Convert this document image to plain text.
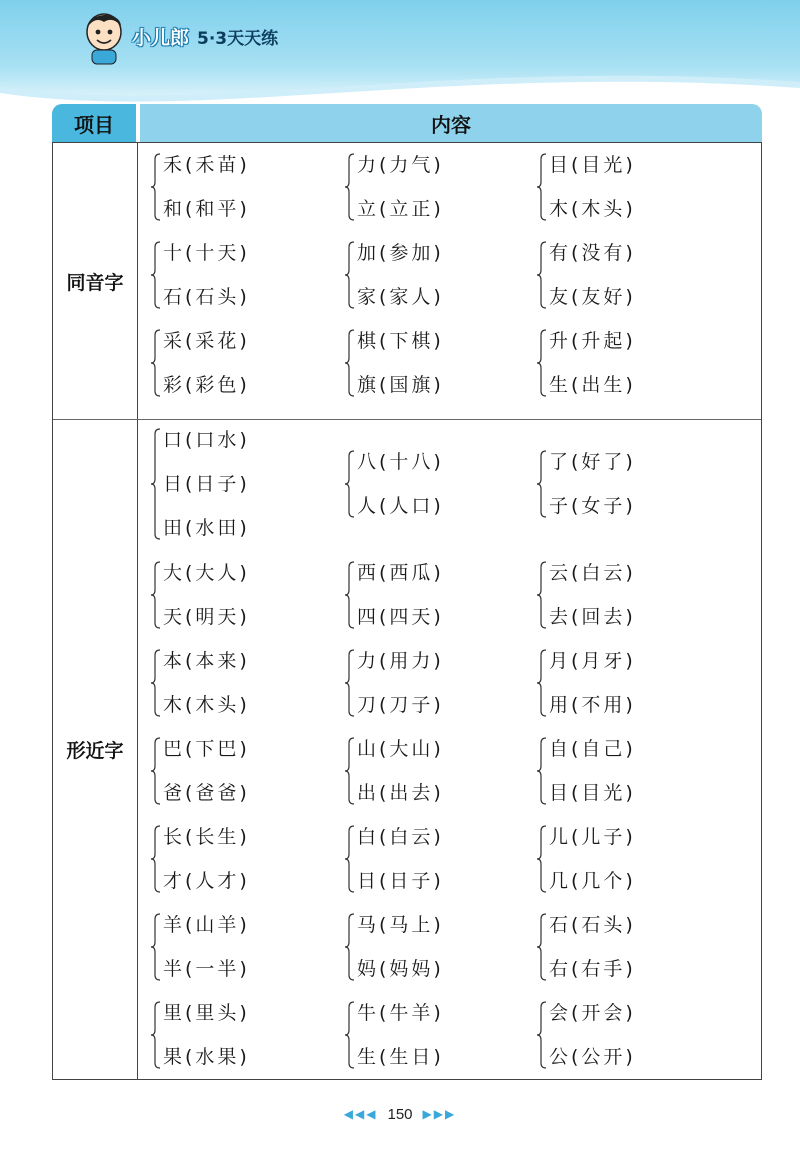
小儿郎 5·3天天练
项目	内容
同音字
形近字
禾(禾苗)
和(和平)
力(力气)
立(立正)
目(目光)
木(木头)
十(十天)
石(石头)
加(参加)
家(家人)
有(没有)
友(友好)
采(采花)
彩(彩色)
棋(下棋)
旗(国旗)
升(升起)
生(出生)
口(口水)
日(日子)
田(水田)
八(十八)
人(人口)
了(好了)
子(女子)
大(大人)
天(明天)
西(西瓜)
四(四天)
云(白云)
去(回去)
本(本来)
木(木头)
力(用力)
刀(刀子)
月(月牙)
用(不用)
巴(下巴)
爸(爸爸)
山(大山)
出(出去)
自(自己)
目(目光)
长(长生)
才(人才)
白(白云)
日(日子)
儿(儿子)
几(几个)
羊(山羊)
半(一半)
马(马上)
妈(妈妈)
石(石头)
右(右手)
里(里头)
果(水果)
牛(牛羊)
生(生日)
会(开会)
公(公开)
◀◀◀ 150 ▶▶▶
